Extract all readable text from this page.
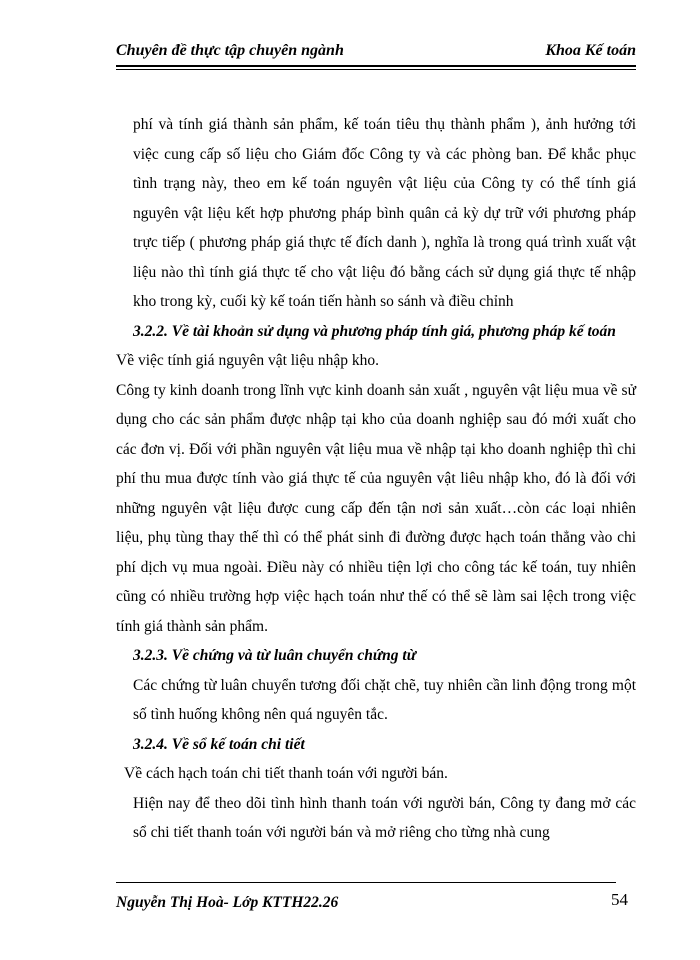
Chuyên đề thực tập chuyên ngành	Khoa Kế toán

phí và tính giá thành sản phẩm, kế toán tiêu thụ thành phẩm ), ảnh hưởng tới việc cung cấp số liệu cho Giám đốc Công ty và các phòng ban. Để khắc phục tình trạng này, theo em kế toán nguyên vật liệu của Công ty có thể tính giá nguyên vật liệu kết hợp phương pháp bình quân cả kỳ dự trữ với phương pháp trực tiếp ( phương pháp giá thực tế đích danh ), nghĩa là trong quá trình xuất vật liệu nào thì tính giá thực tế cho vật liệu đó bằng cách sử dụng giá thực tế nhập kho trong kỳ, cuối kỳ kế toán tiến hành so sánh và điều chỉnh

3.2.2. Về tài khoản sử dụng và phương pháp tính giá, phương pháp kế toán

Về việc tính giá nguyên vật liệu nhập kho.

Công ty kinh doanh trong lĩnh vực kinh doanh sản xuất , nguyên vật liệu mua về sử dụng cho các sản phẩm được nhập tại kho của doanh nghiệp sau đó mới xuất cho các đơn vị. Đối với phần nguyên vật liệu mua về nhập tại kho doanh nghiệp thì chi phí thu mua được tính vào giá thực tế của nguyên vật liêu nhập kho, đó là đối với những nguyên vật liệu được cung cấp đến tận nơi sản xuất…còn các loại nhiên liệu, phụ tùng thay thế thì có thể phát sinh đi đường được hạch toán thẳng vào chi phí dịch vụ mua ngoài. Điều này có nhiều tiện lợi cho công tác kế toán, tuy nhiên cũng có nhiều trường hợp việc hạch toán như thế có thể sẽ làm sai lệch trong việc tính giá thành sản phẩm.

3.2.3. Về chứng và từ luân chuyển chứng từ

Các chứng từ luân chuyển tương đối chặt chẽ, tuy nhiên cần linh động trong một số tình huống không nên quá nguyên tắc.

3.2.4. Về sổ kế toán chi tiết

Về cách hạch toán chi tiết thanh toán với người bán.

Hiện nay để theo dõi tình hình thanh toán với người bán, Công ty đang mở các sổ chi tiết thanh toán với người bán và mở riêng cho từng nhà cung

Nguyễn Thị Hoà- Lớp KTTH22.26	54
